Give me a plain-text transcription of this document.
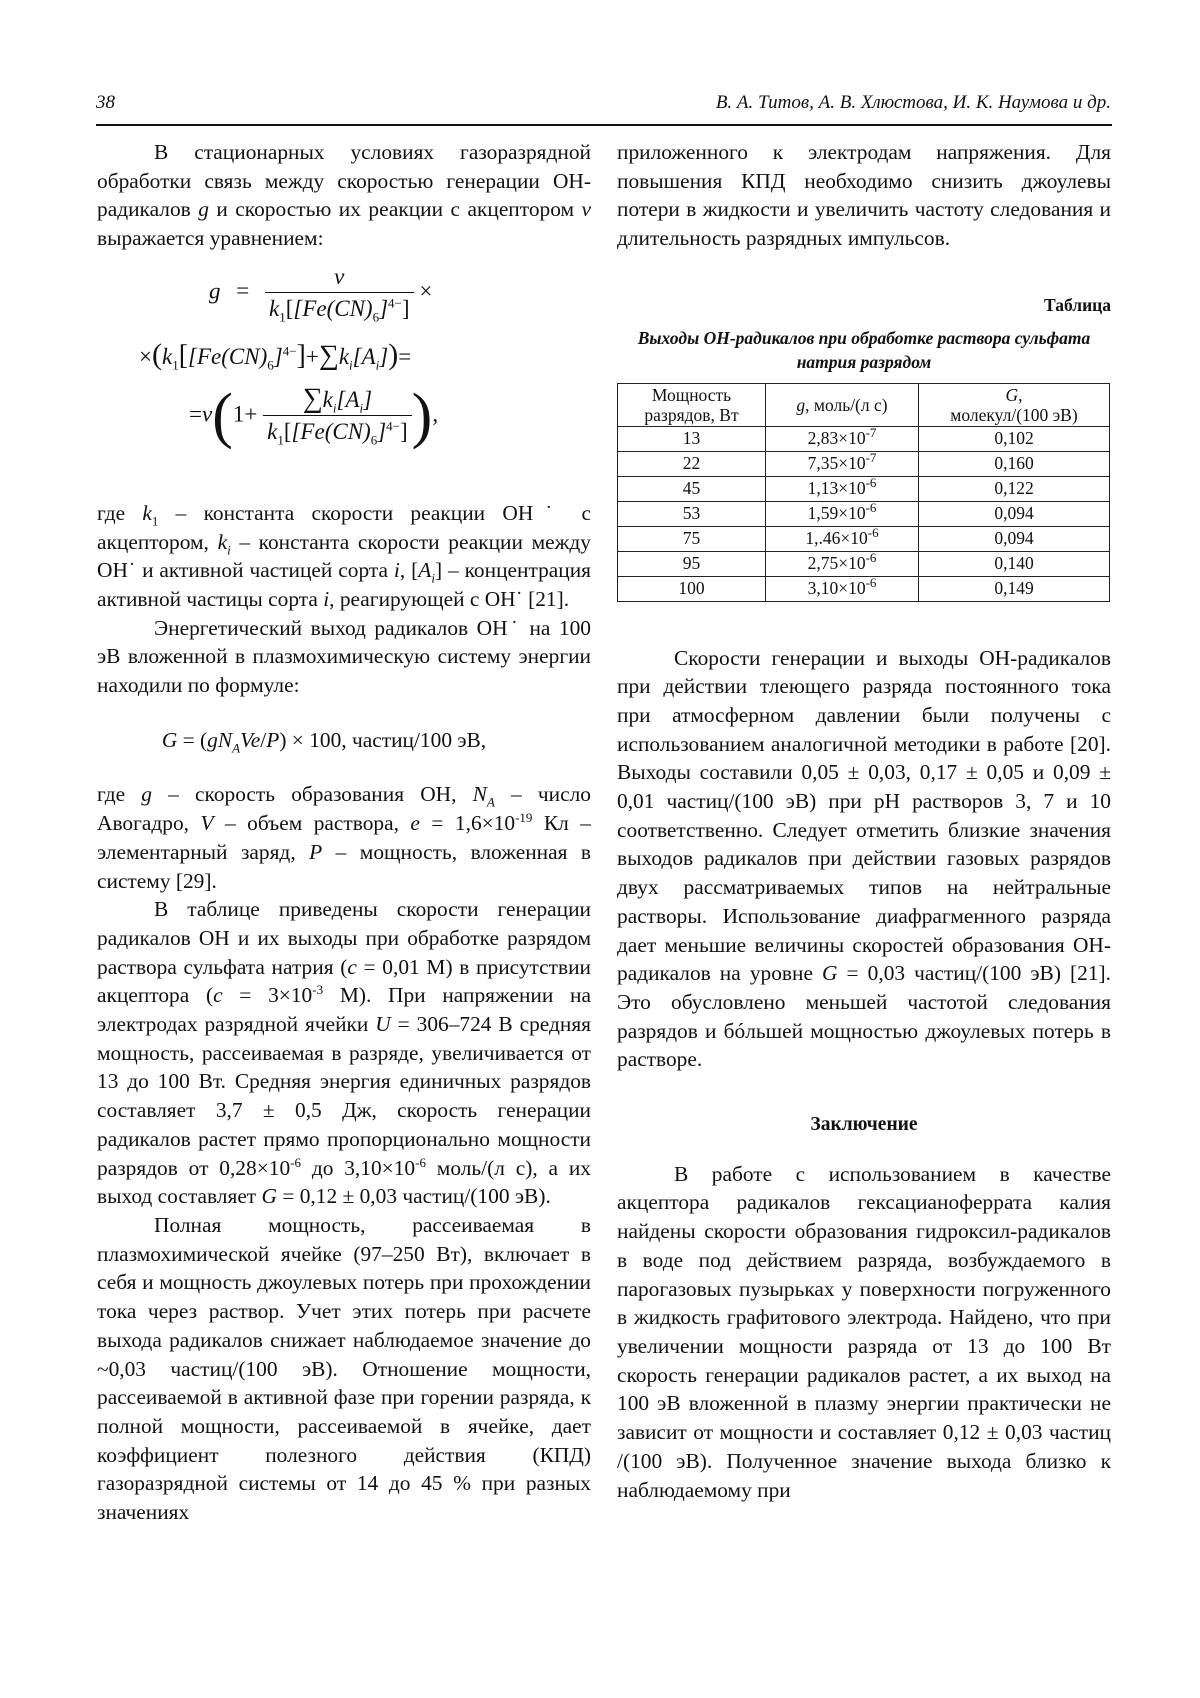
38	В. А. Титов, А. В. Хлюстова, И. К. Наумова и др.

В стационарных условиях газоразрядной обработки связь между скоростью генерации ОН-радикалов g и скоростью их реакции с акцептором v выражается уравнением:

$g = \frac{v}{k_1[[Fe(CN)_6]^{4-}]}$ ×
$\times(k_1[[Fe(CN)_6]^{4-}]+\sum k_i[A_i])=$
$=v(1+ \frac{\sum k_i[A_i]}{k_1[[Fe(CN)_6]^{4-}]}$ ),

где $k_1$ – константа скорости реакции ОН˙ с акцептором, $k_i$ – константа скорости реакции между ОН˙ и активной частицей сорта i, $[A_i]$ – концентрация активной частицы сорта i, реагирующей с ОН˙ [21].

Энергетический выход радикалов ОН˙ на 100 эВ вложенной в плазмохимическую систему энергии находили по формуле:

$G = (gN_AVe/P) \times 100$, частиц/100 эВ,

где g – скорость образования ОН, $N_A$ – число Авогадро, V – объем раствора, $e = 1,6\times 10^{-19}$ Кл – элементарный заряд, P – мощность, вложенная в систему [29].

В таблице приведены скорости генерации радикалов ОН и их выходы при обработке разрядом раствора сульфата натрия (c = 0,01 М) в присутствии акцептора ($c = 3\times 10^{-3}$ М). При напряжении на электродах разрядной ячейки U = 306–724 В средняя мощность, рассеиваемая в разряде, увеличивается от 13 до 100 Вт. Средняя энергия единичных разрядов составляет 3,7 ± 0,5 Дж, скорость генерации радикалов растет прямо пропорционально мощности разрядов от $0,28\times 10^{-6}$ до $3,10\times 10^{-6}$ моль/(л с), а их выход составляет G = 0,12 ± 0,03 частиц/(100 эВ).

Полная мощность, рассеиваемая в плазмохимической ячейке (97–250 Вт), включает в себя и мощность джоулевых потерь при прохождении тока через раствор. Учет этих потерь при расчете выхода радикалов снижает наблюдаемое значение до ~0,03 частиц/(100 эВ). Отношение мощности, рассеиваемой в активной фазе при горении разряда, к полной мощности, рассеиваемой в ячейке, дает коэффициент полезного действия (КПД) газоразрядной системы от 14 до 45 % при разных значениях

приложенного к электродам напряжения. Для повышения КПД необходимо снизить джоулевы потери в жидкости и увеличить частоту следования и длительность разрядных импульсов.

Таблица
Выходы ОН-радикалов при обработке раствора сульфата натрия разрядом
Мощность
разрядов, Вт	g, моль/(л с)	G,
молекул/(100 эВ)
13	$2,83\times 10^{-7}$	0,102
22	$7,35\times 10^{-7}$	0,160
45	$1,13\times 10^{-6}$	0,122
53	$1,59\times 10^{-6}$	0,094
75	$1,.46\times 10^{-6}$	0,094
95	$2,75\times 10^{-6}$	0,140
100	$3,10\times 10^{-6}$	0,149

Скорости генерации и выходы ОН-радикалов при действии тлеющего разряда постоянного тока при атмосферном давлении были получены с использованием аналогичной методики в работе [20]. Выходы составили 0,05 ± 0,03, 0,17 ± 0,05 и 0,09 ± 0,01 частиц/(100 эВ) при pH растворов 3, 7 и 10 соответственно. Следует отметить близкие значения выходов радикалов при действии газовых разрядов двух рассматриваемых типов на нейтральные растворы. Использование диафрагменного разряда дает меньшие величины скоростей образования ОН-радикалов на уровне G = 0,03 частиц/(100 эВ) [21]. Это обусловлено меньшей частотой следования разрядов и бóльшей мощностью джоулевых потерь в растворе.

Заключение

В работе с использованием в качестве акцептора радикалов гексацианоферрата калия найдены скорости образования гидроксил-радикалов в воде под действием разряда, возбуждаемого в парогазовых пузырьках у поверхности погруженного в жидкость графитового электрода. Найдено, что при увеличении мощности разряда от 13 до 100 Вт скорость генерации радикалов растет, а их выход на 100 эВ вложенной в плазму энергии практически не зависит от мощности и составляет 0,12 ± 0,03 частиц /(100 эВ). Полученное значение выхода близко к наблюдаемому при
